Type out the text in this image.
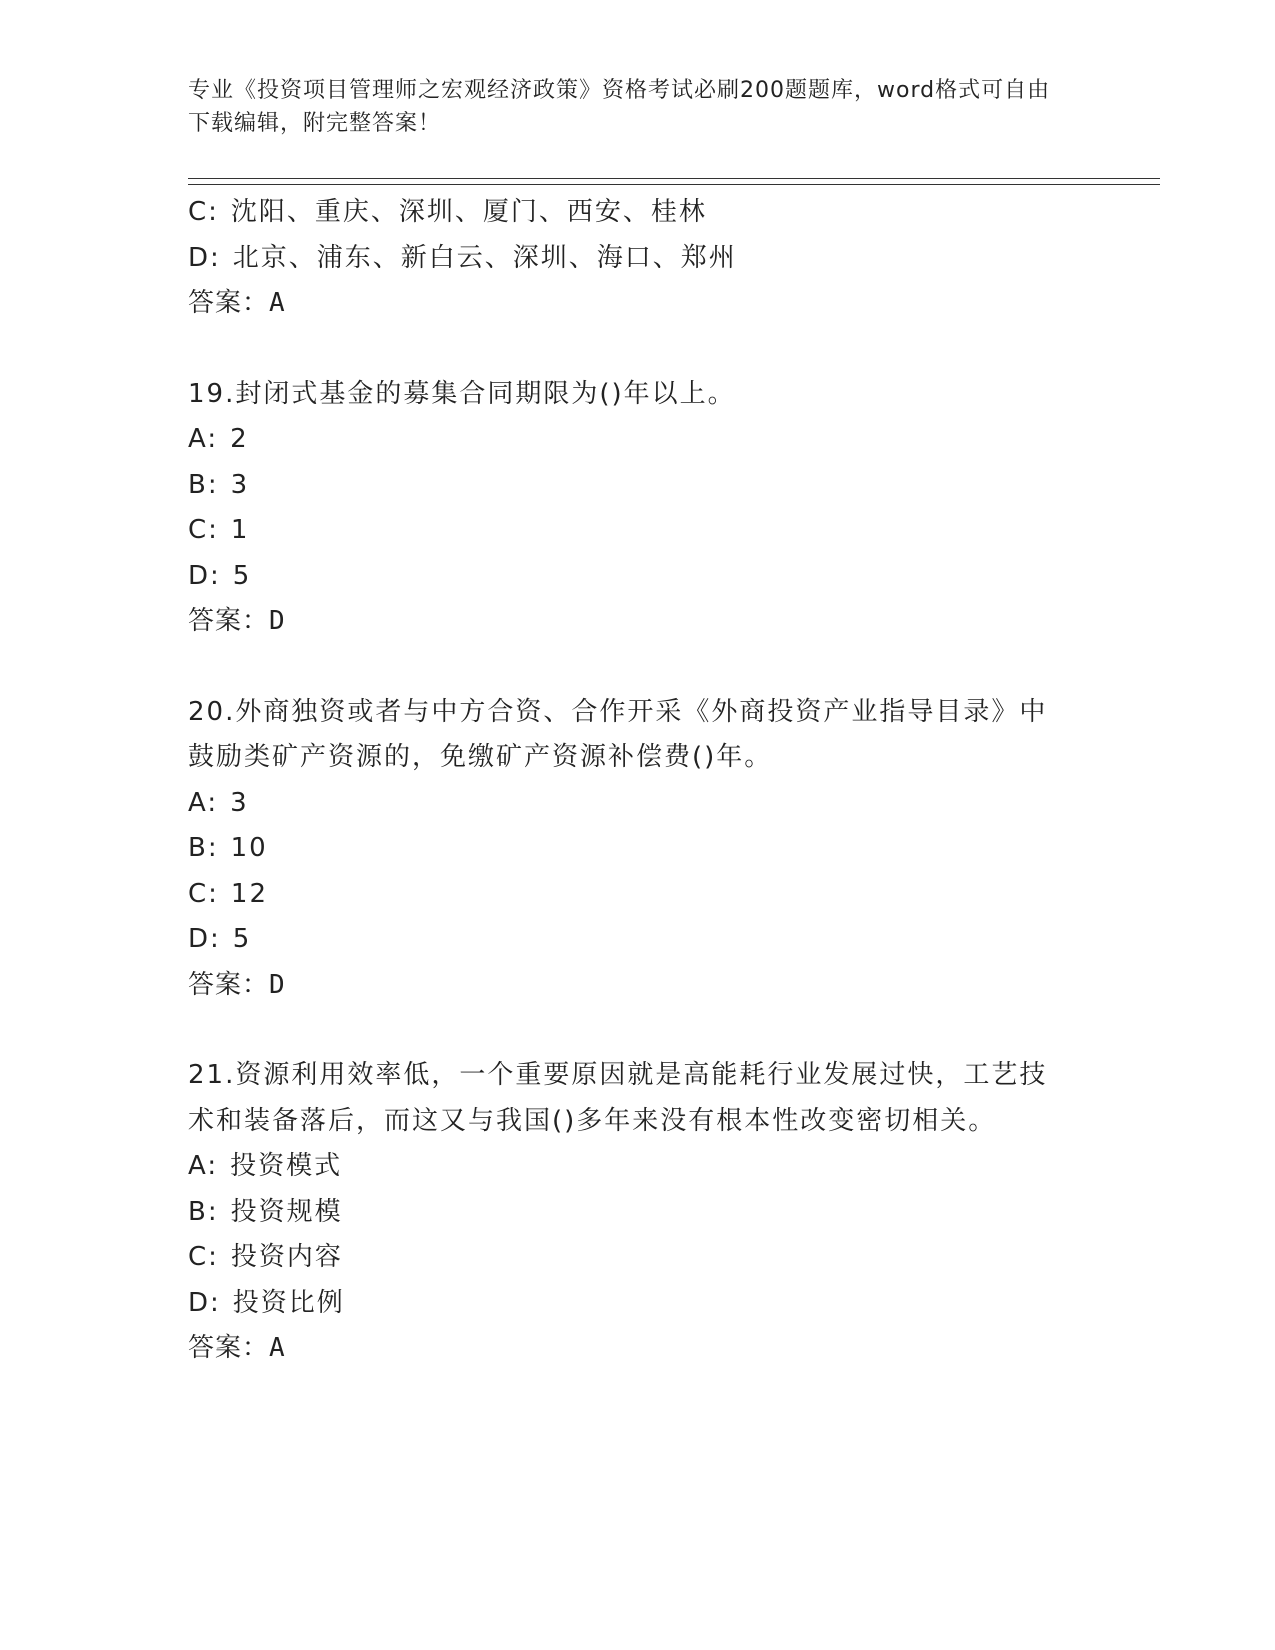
专业《投资项目管理师之宏观经济政策》资格考试必刷200题题库，word格式可自由下载编辑，附完整答案！
C: 沈阳、重庆、深圳、厦门、西安、桂林
D: 北京、浦东、新白云、深圳、海口、郑州
答案：A
19.封闭式基金的募集合同期限为()年以上。
A: 2
B: 3
C: 1
D: 5
答案：D
20.外商独资或者与中方合资、合作开采《外商投资产业指导目录》中鼓励类矿产资源的，免缴矿产资源补偿费()年。
A: 3
B: 10
C: 12
D: 5
答案：D
21.资源利用效率低，一个重要原因就是高能耗行业发展过快，工艺技术和装备落后，而这又与我国()多年来没有根本性改变密切相关。
A: 投资模式
B: 投资规模
C: 投资内容
D: 投资比例
答案：A
